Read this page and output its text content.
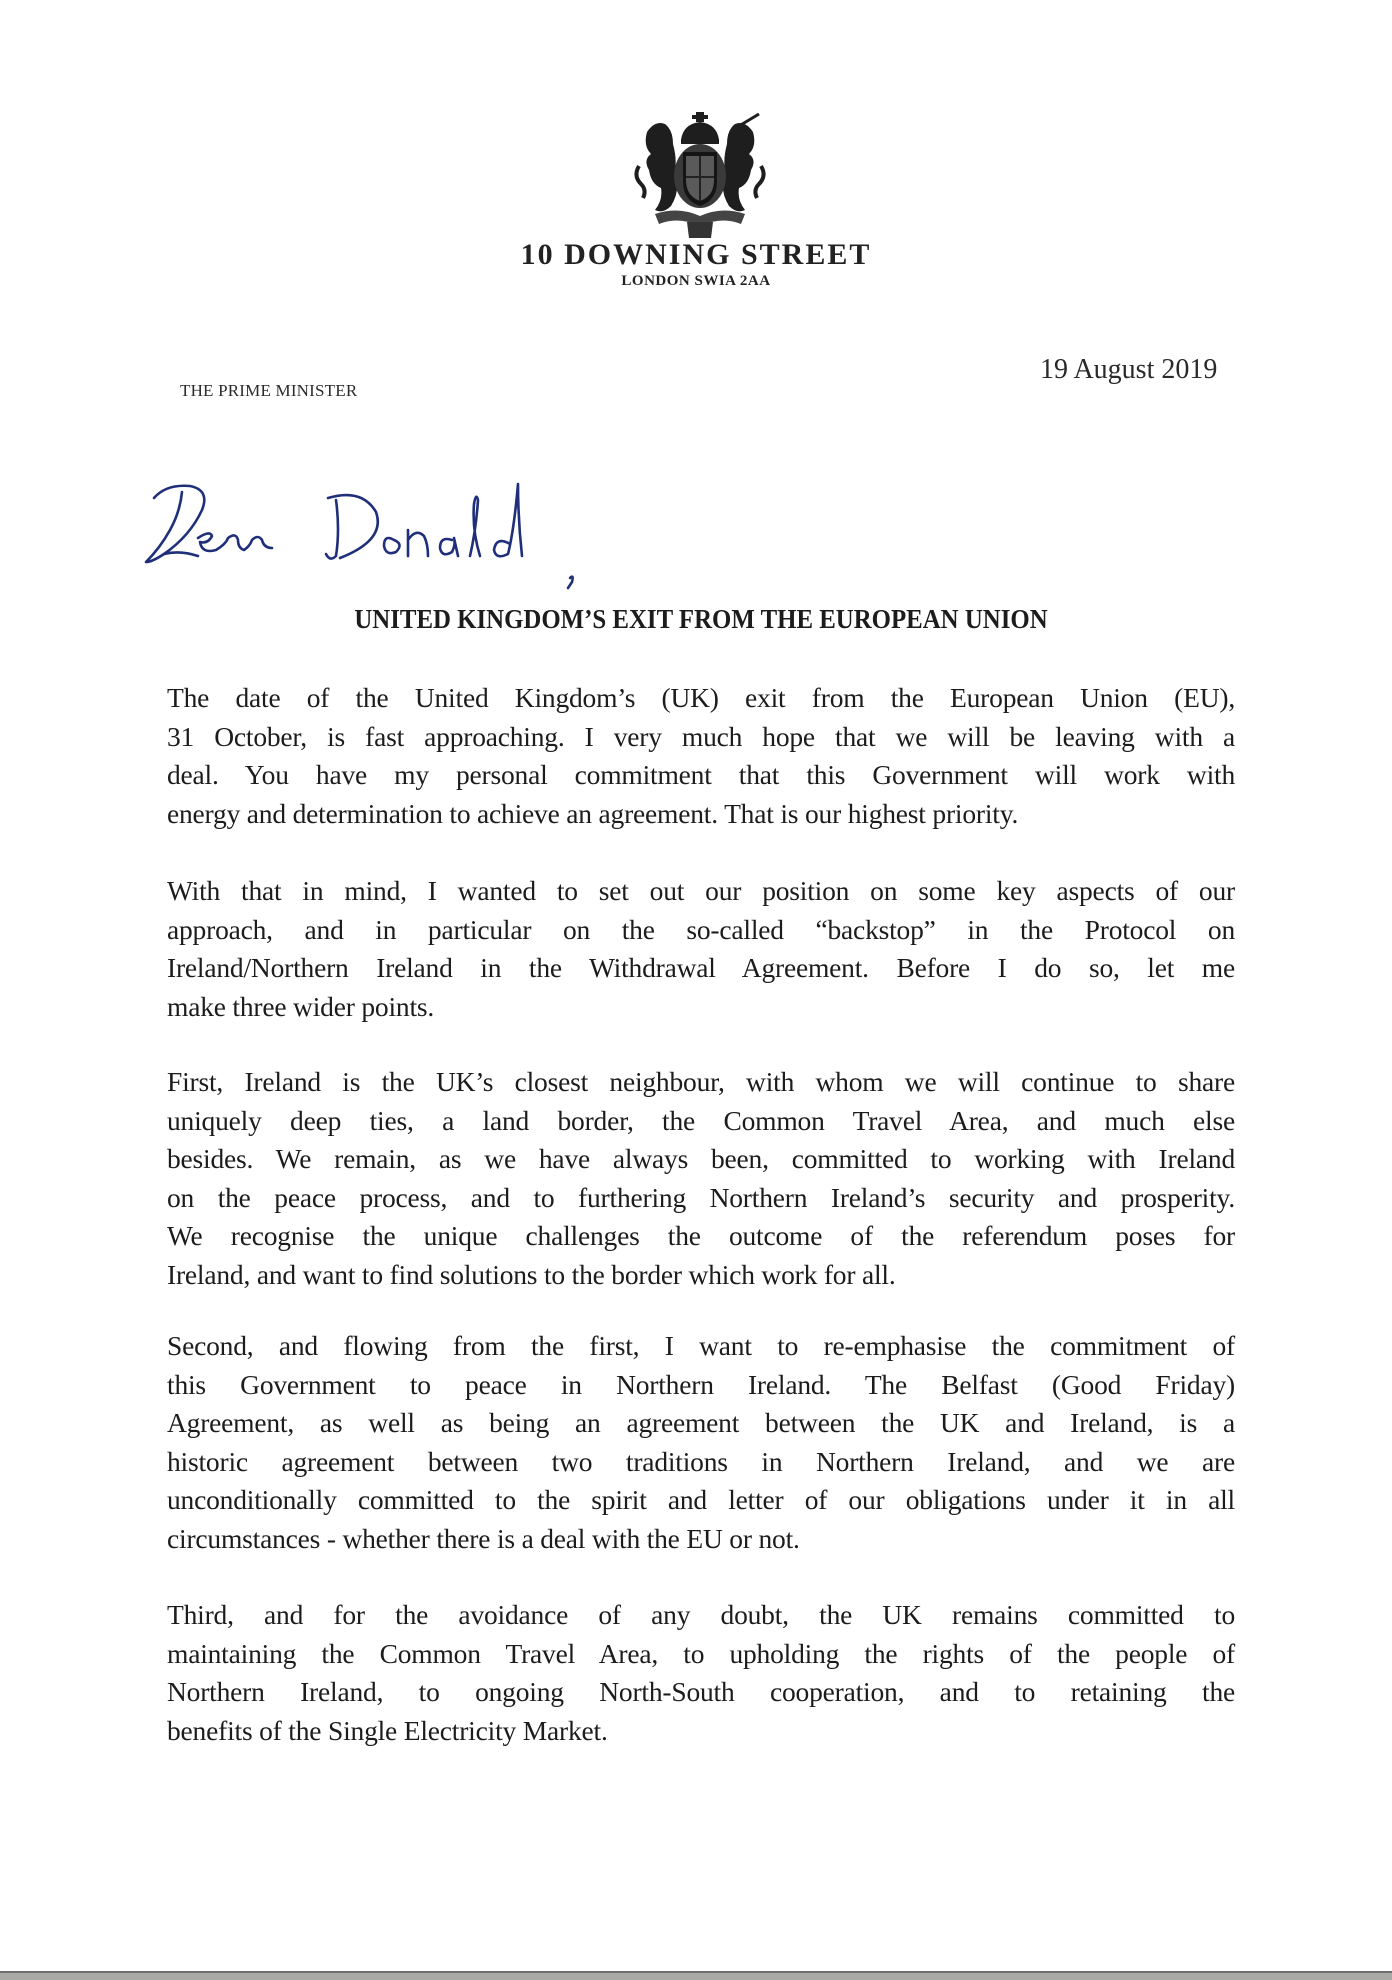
10 DOWNING STREET
LONDON SWIA 2AA
THE PRIME MINISTER
19 August 2019
UNITED KINGDOM’S EXIT FROM THE EUROPEAN UNION
The date of the United Kingdom’s (UK) exit from the European Union (EU),
31 October, is fast approaching. I very much hope that we will be leaving with a
deal. You have my personal commitment that this Government will work with
energy and determination to achieve an agreement. That is our highest priority.
With that in mind, I wanted to set out our position on some key aspects of our
approach, and in particular on the so-called “backstop” in the Protocol on
Ireland/Northern Ireland in the Withdrawal Agreement. Before I do so, let me
make three wider points.
First, Ireland is the UK’s closest neighbour, with whom we will continue to share
uniquely deep ties, a land border, the Common Travel Area, and much else
besides. We remain, as we have always been, committed to working with Ireland
on the peace process, and to furthering Northern Ireland’s security and prosperity.
We recognise the unique challenges the outcome of the referendum poses for
Ireland, and want to find solutions to the border which work for all.
Second, and flowing from the first, I want to re-emphasise the commitment of
this Government to peace in Northern Ireland. The Belfast (Good Friday)
Agreement, as well as being an agreement between the UK and Ireland, is a
historic agreement between two traditions in Northern Ireland, and we are
unconditionally committed to the spirit and letter of our obligations under it in all
circumstances - whether there is a deal with the EU or not.
Third, and for the avoidance of any doubt, the UK remains committed to
maintaining the Common Travel Area, to upholding the rights of the people of
Northern Ireland, to ongoing North-South cooperation, and to retaining the
benefits of the Single Electricity Market.
